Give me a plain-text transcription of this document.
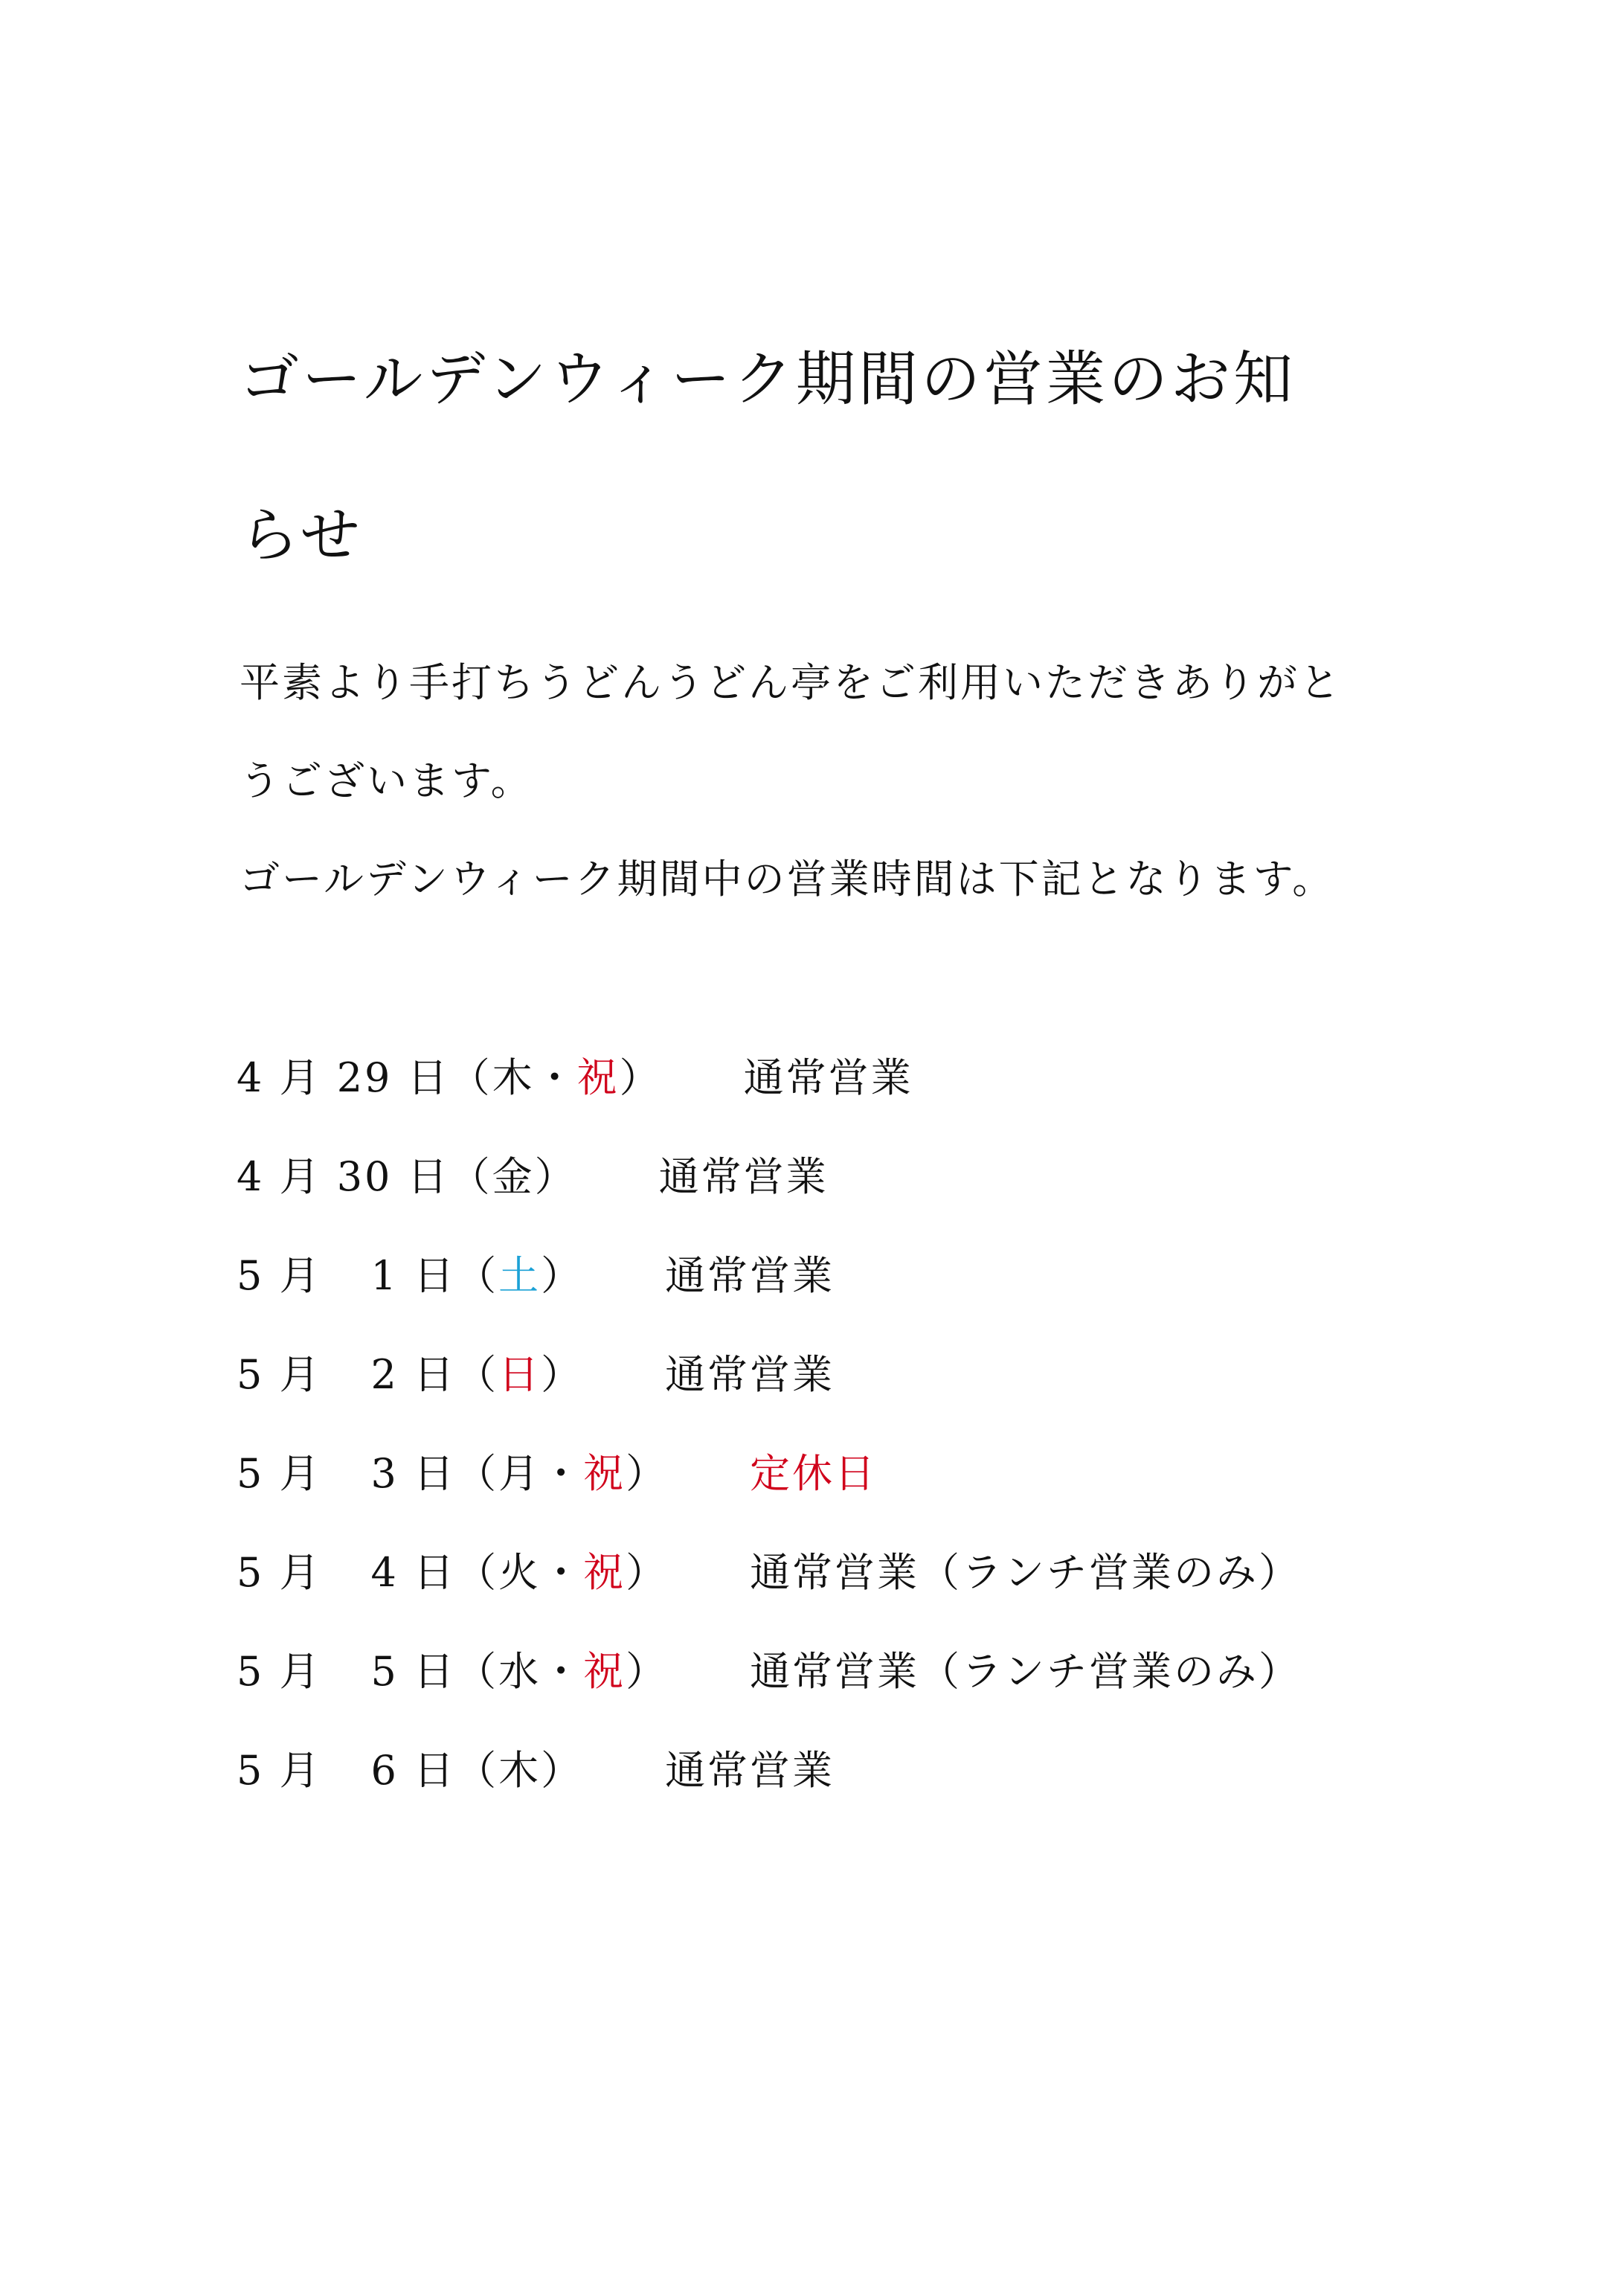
ゴールデンウィーク期間の営業のお知
らせ
平素より手打ちうどんうどん亭をご利用いただきありがと
うございます。
ゴールデンウィーク期間中の営業時間は下記となります。
4 月 29 日（木・祝） 通常営業
4 月 30 日（金） 通常営業
5 月 1 日（土） 通常営業
5 月 2 日（日） 通常営業
5 月 3 日（月・祝） 定休日
5 月 4 日（火・祝） 通常営業（ランチ営業のみ）
5 月 5 日（水・祝） 通常営業（ランチ営業のみ）
5 月 6 日（木） 通常営業
